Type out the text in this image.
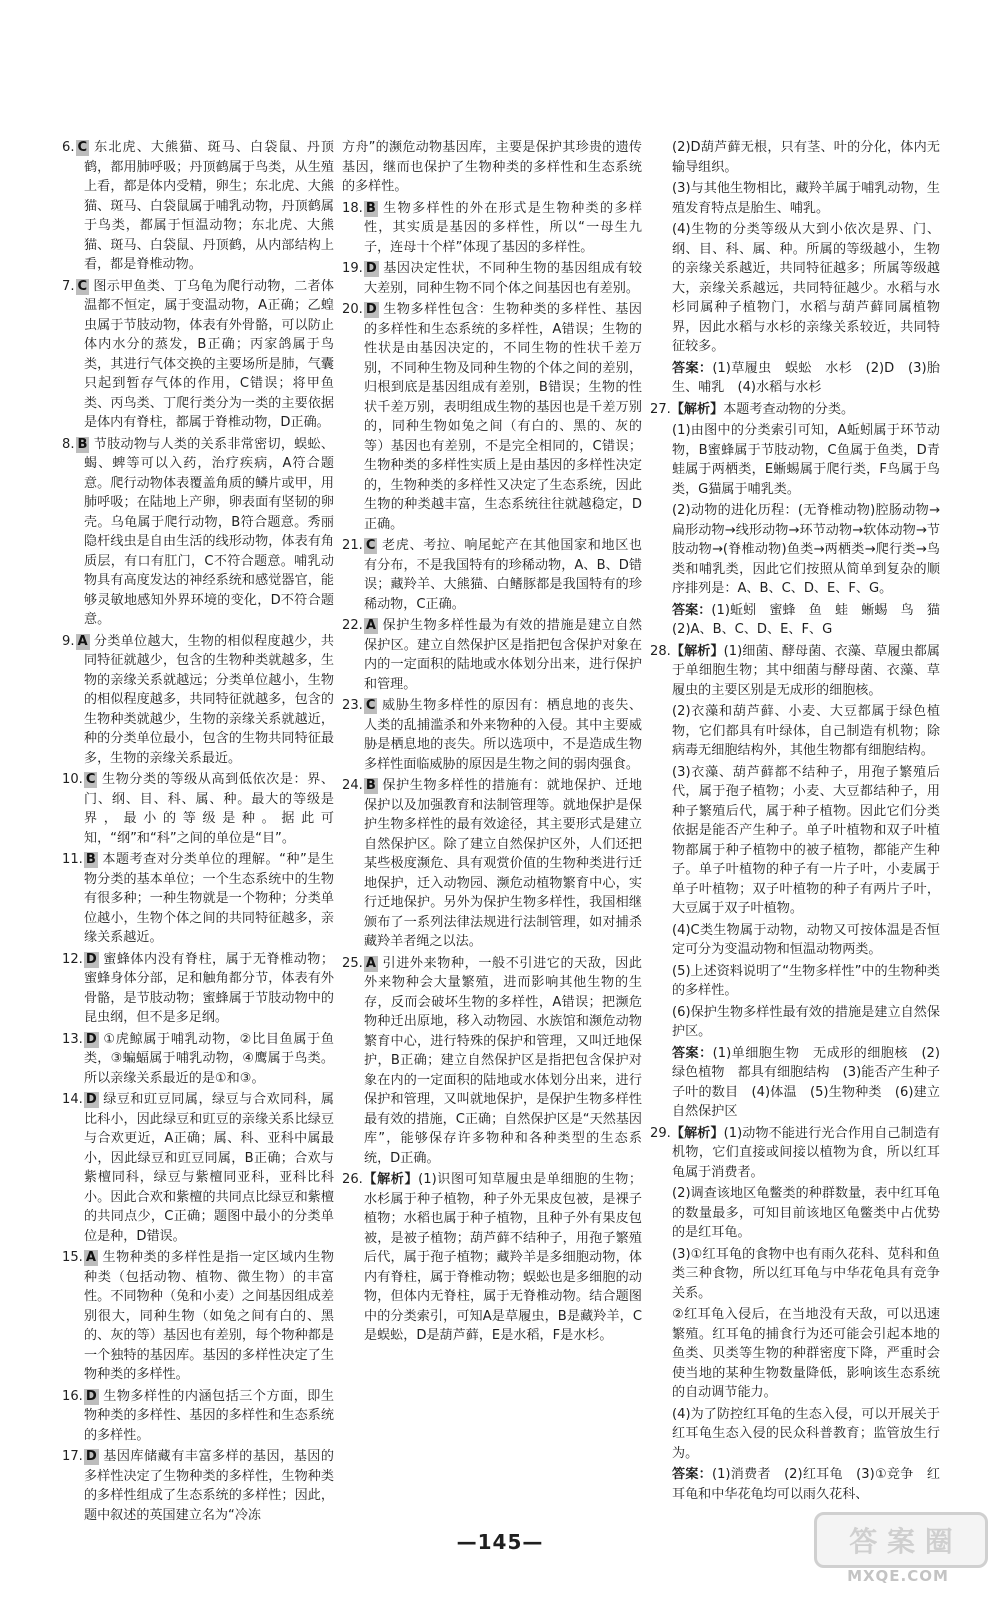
6. C 东北虎、大熊猫、斑马、白袋鼠、丹顶鹤，都用肺呼吸；丹顶鹤属于鸟类，从生殖上看，都是体内受精，卵生；东北虎、大熊猫、斑马、白袋鼠属于哺乳动物，丹顶鹤属于鸟类，都属于恒温动物；东北虎、大熊猫、斑马、白袋鼠、丹顶鹤，从内部结构上看，都是脊椎动物。
7. C 图示甲鱼类、丁乌龟为爬行动物，二者体温都不恒定，属于变温动物，A正确；乙蝗虫属于节肢动物，体表有外骨骼，可以防止体内水分的蒸发，B正确；丙家鸽属于鸟类，其进行气体交换的主要场所是肺，气囊只起到暂存气体的作用，C错误；将甲鱼类、丙鸟类、丁爬行类分为一类的主要依据是体内有脊柱，都属于脊椎动物，D正确。
8. B 节肢动物与人类的关系非常密切，蜈蚣、蝎、蜱等可以入药，治疗疾病，A符合题意。爬行动物体表覆盖角质的鳞片或甲，用肺呼吸；在陆地上产卵，卵表面有坚韧的卵壳。乌龟属于爬行动物，B符合题意。秀丽隐杆线虫是自由生活的线形动物，体表有角质层，有口有肛门，C不符合题意。哺乳动物具有高度发达的神经系统和感觉器官，能够灵敏地感知外界环境的变化，D不符合题意。
9. A 分类单位越大，生物的相似程度越少，共同特征就越少，包含的生物种类就越多，生物的亲缘关系就越远；分类单位越小，生物的相似程度越多，共同特征就越多，包含的生物种类就越少，生物的亲缘关系就越近，种的分类单位最小，包含的生物共同特征最多，生物的亲缘关系最近。
10. C 生物分类的等级从高到低依次是：界、门、纲、目、科、属、种。最大的等级是界，最小的等级是种。据此可知，“纲”和“科”之间的单位是“目”。
11. B 本题考查对分类单位的理解。“种”是生物分类的基本单位；一个生态系统中的生物有很多种；一种生物就是一个物种；分类单位越小，生物个体之间的共同特征越多，亲缘关系越近。
12. D 蜜蜂体内没有脊柱，属于无脊椎动物；蜜蜂身体分部，足和触角都分节，体表有外骨骼，是节肢动物；蜜蜂属于节肢动物中的昆虫纲，但不是多足纲。
13. D ①虎鲸属于哺乳动物，②比目鱼属于鱼类，③蝙蝠属于哺乳动物，④鹰属于鸟类。所以亲缘关系最近的是①和③。
14. D 绿豆和豇豆同属，绿豆与合欢同科，属比科小，因此绿豆和豇豆的亲缘关系比绿豆与合欢更近，A正确；属、科、亚科中属最小，因此绿豆和豇豆同属，B正确；合欢与紫檀同科，绿豆与紫檀同亚科，亚科比科小。因此合欢和紫檀的共同点比绿豆和紫檀的共同点少，C正确；题图中最小的分类单位是种，D错误。
15. A 生物种类的多样性是指一定区域内生物种类（包括动物、植物、微生物）的丰富性。不同物种（兔和小麦）之间基因组成差别很大，同种生物（如兔之间有白的、黑的、灰的等）基因也有差别，每个物种都是一个独特的基因库。基因的多样性决定了生物种类的多样性。
16. D 生物多样性的内涵包括三个方面，即生物种类的多样性、基因的多样性和生态系统的多样性。
17. D 基因库储藏有丰富多样的基因，基因的多样性决定了生物种类的多样性，生物种类的多样性组成了生态系统的多样性；因此，题中叙述的英国建立名为“冷冻
方舟”的濒危动物基因库，主要是保护其珍贵的遗传基因，继而也保护了生物种类的多样性和生态系统的多样性。
18. B 生物多样性的外在形式是生物种类的多样性，其实质是基因的多样性，所以“一母生九子，连母十个样”体现了基因的多样性。
19. D 基因决定性状，不同种生物的基因组成有较大差别，同种生物不同个体之间基因也有差别。
20. D 生物多样性包含：生物种类的多样性、基因的多样性和生态系统的多样性，A错误；生物的性状是由基因决定的，不同生物的性状千差万别，不同种生物及同种生物的个体之间的差别，归根到底是基因组成有差别，B错误；生物的性状千差万别，表明组成生物的基因也是千差万别的，同种生物如兔之间（有白的、黑的、灰的等）基因也有差别，不是完全相同的，C错误；生物种类的多样性实质上是由基因的多样性决定的，生物种类的多样性又决定了生态系统，因此生物的种类越丰富，生态系统往往就越稳定，D正确。
21. C 老虎、考拉、响尾蛇产在其他国家和地区也有分布，不是我国特有的珍稀动物，A、B、D错误；藏羚羊、大熊猫、白鳍豚都是我国特有的珍稀动物，C正确。
22. A 保护生物多样性最为有效的措施是建立自然保护区。建立自然保护区是指把包含保护对象在内的一定面积的陆地或水体划分出来，进行保护和管理。
23. C 威胁生物多样性的原因有：栖息地的丧失、人类的乱捕滥杀和外来物种的入侵。其中主要威胁是栖息地的丧失。所以选项中，不是造成生物多样性面临威胁的原因是生物之间的弱肉强食。
24. B 保护生物多样性的措施有：就地保护、迁地保护以及加强教育和法制管理等。就地保护是保护生物多样性的最有效途径，其主要形式是建立自然保护区。除了建立自然保护区外，人们还把某些极度濒危、具有观赏价值的生物种类进行迁地保护，迁入动物园、濒危动植物繁育中心，实行迁地保护。另外为保护生物多样性，我国相继颁布了一系列法律法规进行法制管理，如对捕杀藏羚羊者绳之以法。
25. A 引进外来物种，一般不引进它的天敌，因此外来物种会大量繁殖，进而影响其他生物的生存，反而会破坏生物的多样性，A错误；把濒危物种迁出原地，移入动物园、水族馆和濒危动物繁育中心，进行特殊的保护和管理，又叫迁地保护，B正确；建立自然保护区是指把包含保护对象在内的一定面积的陆地或水体划分出来，进行保护和管理，又叫就地保护，是保护生物多样性最有效的措施，C正确；自然保护区是“天然基因库”，能够保存许多物种和各种类型的生态系统，D正确。
26.【解析】(1)识图可知草履虫是单细胞的生物；水杉属于种子植物，种子外无果皮包被，是裸子植物；水稻也属于种子植物，且种子外有果皮包被，是被子植物；葫芦藓不结种子，用孢子繁殖后代，属于孢子植物；藏羚羊是多细胞动物，体内有脊柱，属于脊椎动物；蜈蚣也是多细胞的动物，但体内无脊柱，属于无脊椎动物。结合题图中的分类索引，可知A是草履虫，B是藏羚羊，C是蜈蚣，D是葫芦藓，E是水稻，F是水杉。
(2)D葫芦藓无根，只有茎、叶的分化，体内无输导组织。
(3)与其他生物相比，藏羚羊属于哺乳动物，生殖发育特点是胎生、哺乳。
(4)生物的分类等级从大到小依次是界、门、纲、目、科、属、种。所属的等级越小，生物的亲缘关系越近，共同特征越多；所属等级越大，亲缘关系越远，共同特征越少。水稻与水杉同属种子植物门，水稻与葫芦藓同属植物界，因此水稻与水杉的亲缘关系较近，共同特征较多。
答案：(1)草履虫　蜈蚣　水杉　(2)D　(3)胎生、哺乳　(4)水稻与水杉
27.【解析】本题考查动物的分类。
(1)由图中的分类索引可知，A蚯蚓属于环节动物，B蜜蜂属于节肢动物，C鱼属于鱼类，D青蛙属于两栖类，E蜥蜴属于爬行类，F鸟属于鸟类，G猫属于哺乳类。
(2)动物的进化历程：(无脊椎动物)腔肠动物→扁形动物→线形动物→环节动物→软体动物→节肢动物→(脊椎动物)鱼类→两栖类→爬行类→鸟类和哺乳类，因此它们按照从简单到复杂的顺序排列是：A、B、C、D、E、F、G。
答案：(1)蚯蚓　蜜蜂　鱼　蛙　蜥蜴　鸟　猫　(2)A、B、C、D、E、F、G
28.【解析】(1)细菌、酵母菌、衣藻、草履虫都属于单细胞生物；其中细菌与酵母菌、衣藻、草履虫的主要区别是无成形的细胞核。
(2)衣藻和葫芦藓、小麦、大豆都属于绿色植物，它们都具有叶绿体，自己制造有机物；除病毒无细胞结构外，其他生物都有细胞结构。
(3)衣藻、葫芦藓都不结种子，用孢子繁殖后代，属于孢子植物；小麦、大豆都结种子，用种子繁殖后代，属于种子植物。因此它们分类依据是能否产生种子。单子叶植物和双子叶植物都属于种子植物中的被子植物，都能产生种子。单子叶植物的种子有一片子叶，小麦属于单子叶植物；双子叶植物的种子有两片子叶，大豆属于双子叶植物。
(4)C类生物属于动物，动物又可按体温是否恒定可分为变温动物和恒温动物两类。
(5)上述资料说明了“生物多样性”中的生物种类的多样性。
(6)保护生物多样性最有效的措施是建立自然保护区。
答案：(1)单细胞生物　无成形的细胞核　(2)绿色植物　都具有细胞结构　(3)能否产生种子　子叶的数目　(4)体温　(5)生物种类　(6)建立自然保护区
29.【解析】(1)动物不能进行光合作用自己制造有机物，它们直接或间接以植物为食，所以红耳龟属于消费者。
(2)调查该地区龟鳖类的种群数量，表中红耳龟的数量最多，可知目前该地区龟鳖类中占优势的是红耳龟。
(3)①红耳龟的食物中也有雨久花科、苋科和鱼类三种食物，所以红耳龟与中华花龟具有竞争关系。
②红耳龟入侵后，在当地没有天敌，可以迅速繁殖。红耳龟的捕食行为还可能会引起本地的鱼类、贝类等生物的种群密度下降，严重时会使当地的某种生物数量降低，影响该生态系统的自动调节能力。
(4)为了防控红耳龟的生态入侵，可以开展关于红耳龟生态入侵的民众科普教育；监管放生行为。
答案：(1)消费者　(2)红耳龟　(3)①竞争　红耳龟和中华花龟均可以雨久花科、
—145—	答 案 圈
MXQE.COM
